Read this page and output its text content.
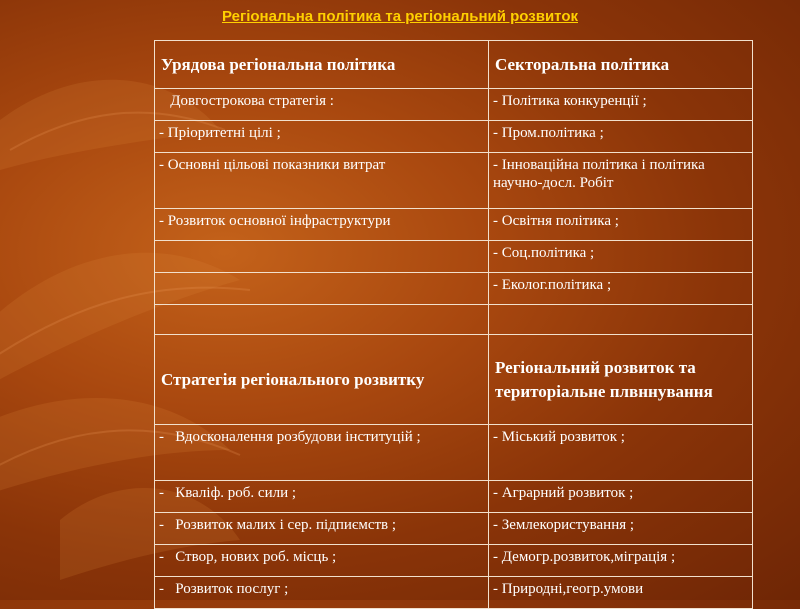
Регіональна політика та регіональний розвиток
Урядова регіональна політика	Секторальна політика
Довгострокова стратегія :	- Політика конкуренції ;
- Пріоритетні цілі ;	- Пром.політика ;
- Основні цільові показники витрат	- Інноваційна політика і політика научно-досл. Робіт
- Розвиток основної інфраструктури	- Освітня політика ;
	- Соц.політика ;
	- Еколог.політика ;

Стратегія регіонального розвитку	Регіональний розвиток та територіальне плвннування
-   Вдосконалення розбудови інституцій ;	- Міський розвиток ;
-   Кваліф. роб. сили ;	- Аграрний розвиток ;
-   Розвиток малих і сер. підпиємств ;	- Землекористування ;
-   Створ, нових роб. місць ;	- Демогр.розвиток,міграція ;
-   Розвиток послуг ;	- Природні,геогр.умови
